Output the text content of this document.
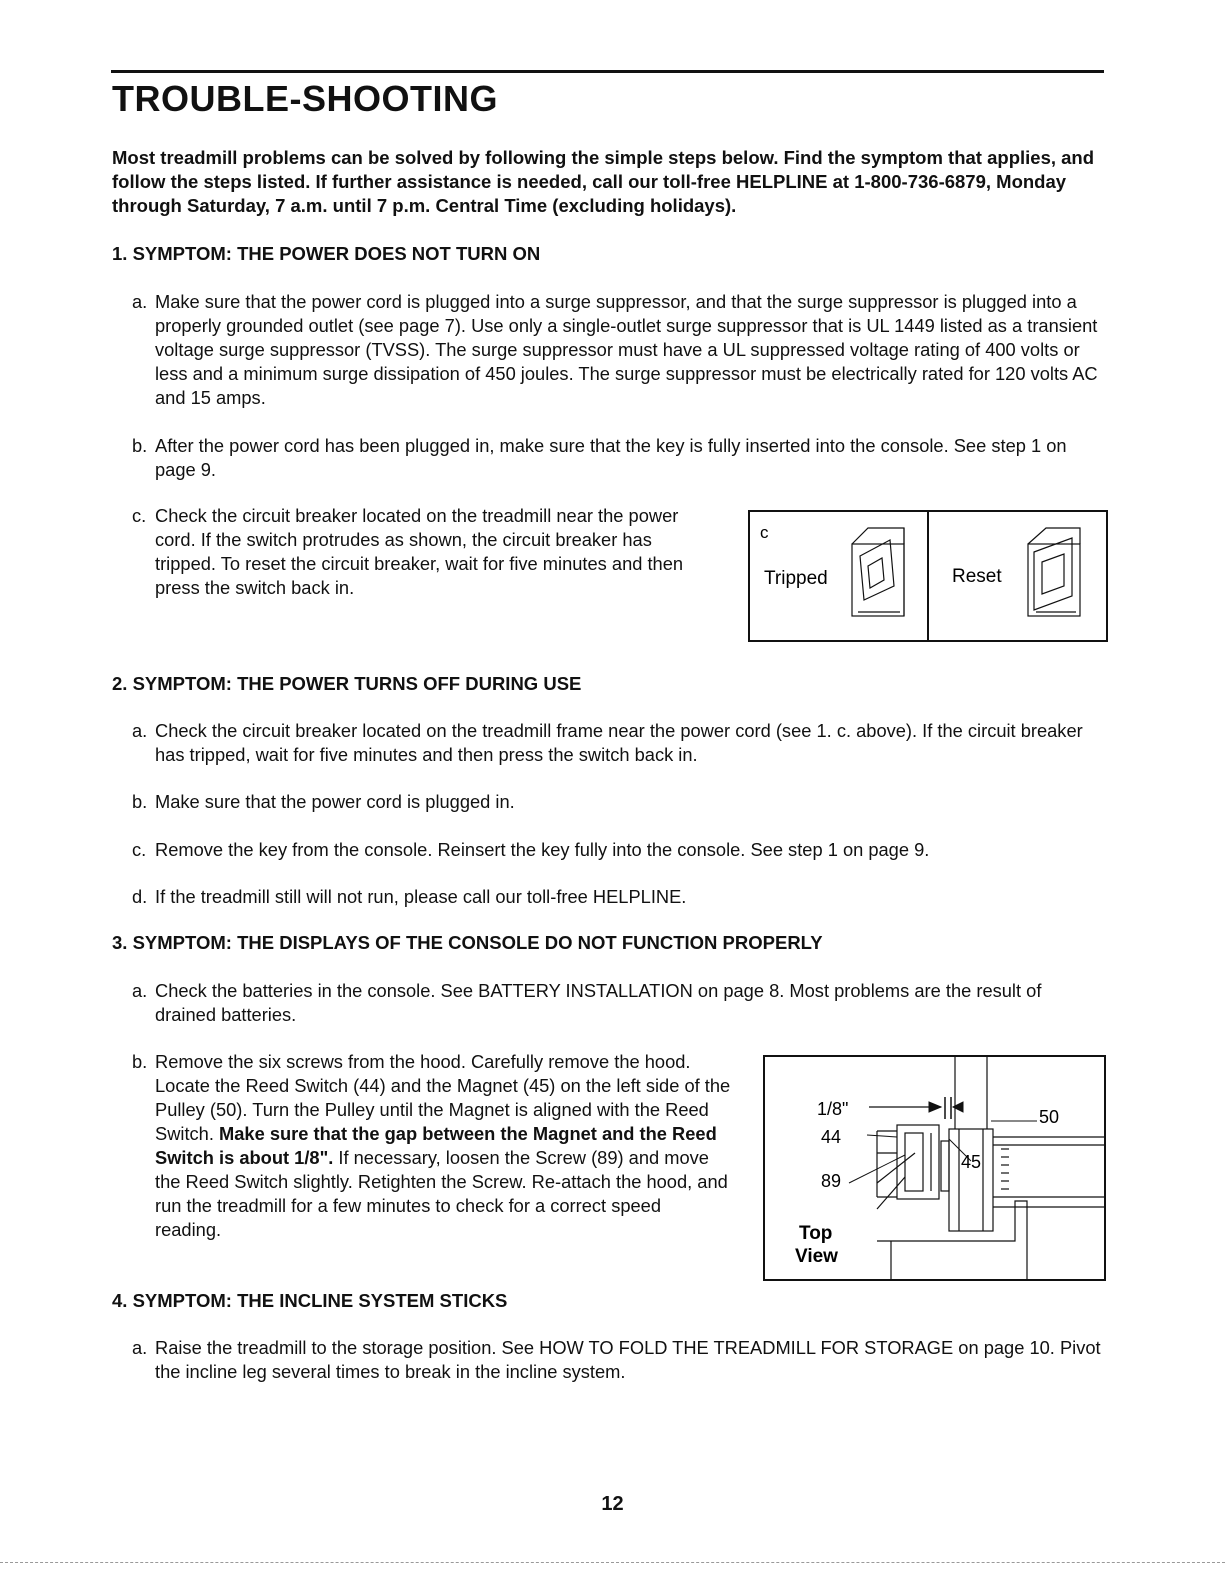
TROUBLE-SHOOTING
Most treadmill problems can be solved by following the simple steps below. Find the symptom that applies, and follow the steps listed. If further assistance is needed, call our toll-free HELPLINE at 1-800-736-6879, Monday through Saturday, 7 a.m. until 7 p.m. Central Time (excluding holidays).
1. SYMPTOM: THE POWER DOES NOT TURN ON
a. Make sure that the power cord is plugged into a surge suppressor, and that the surge suppressor is plugged into a properly grounded outlet (see page 7). Use only a single-outlet surge suppressor that is UL 1449 listed as a transient voltage surge suppressor (TVSS). The surge suppressor must have a UL suppressed voltage rating of 400 volts or less and a minimum surge dissipation of 450 joules. The surge suppressor must be electrically rated for 120 volts AC and 15 amps.
b. After the power cord has been plugged in, make sure that the key is fully inserted into the console. See step 1 on page 9.
c. Check the circuit breaker located on the treadmill near the power cord. If the switch protrudes as shown, the circuit breaker has tripped. To reset the circuit breaker, wait for five minutes and then press the switch back in.
c
Tripped	Reset
2. SYMPTOM: THE POWER TURNS OFF DURING USE
a. Check the circuit breaker located on the treadmill frame near the power cord (see 1. c. above). If the circuit breaker has tripped, wait for five minutes and then press the switch back in.
b. Make sure that the power cord is plugged in.
c. Remove the key from the console. Reinsert the key fully into the console. See step 1 on page 9.
d. If the treadmill still will not run, please call our toll-free HELPLINE.
3. SYMPTOM: THE DISPLAYS OF THE CONSOLE DO NOT FUNCTION PROPERLY
a. Check the batteries in the console. See BATTERY INSTALLATION on page 8. Most problems are the result of drained batteries.
b. Remove the six screws from the hood. Carefully remove the hood. Locate the Reed Switch (44) and the Magnet (45) on the left side of the Pulley (50). Turn the Pulley until the Magnet is aligned with the Reed Switch. Make sure that the gap between the Magnet and the Reed Switch is about 1/8". If necessary, loosen the Screw (89) and move the Reed Switch slightly. Retighten the Screw. Re-attach the hood, and run the treadmill for a few minutes to check for a correct speed reading.
1/8"
44
89
45
50
Top
View
4. SYMPTOM: THE INCLINE SYSTEM STICKS
a. Raise the treadmill to the storage position. See HOW TO FOLD THE TREADMILL FOR STORAGE on page 10. Pivot the incline leg several times to break in the incline system.
12
